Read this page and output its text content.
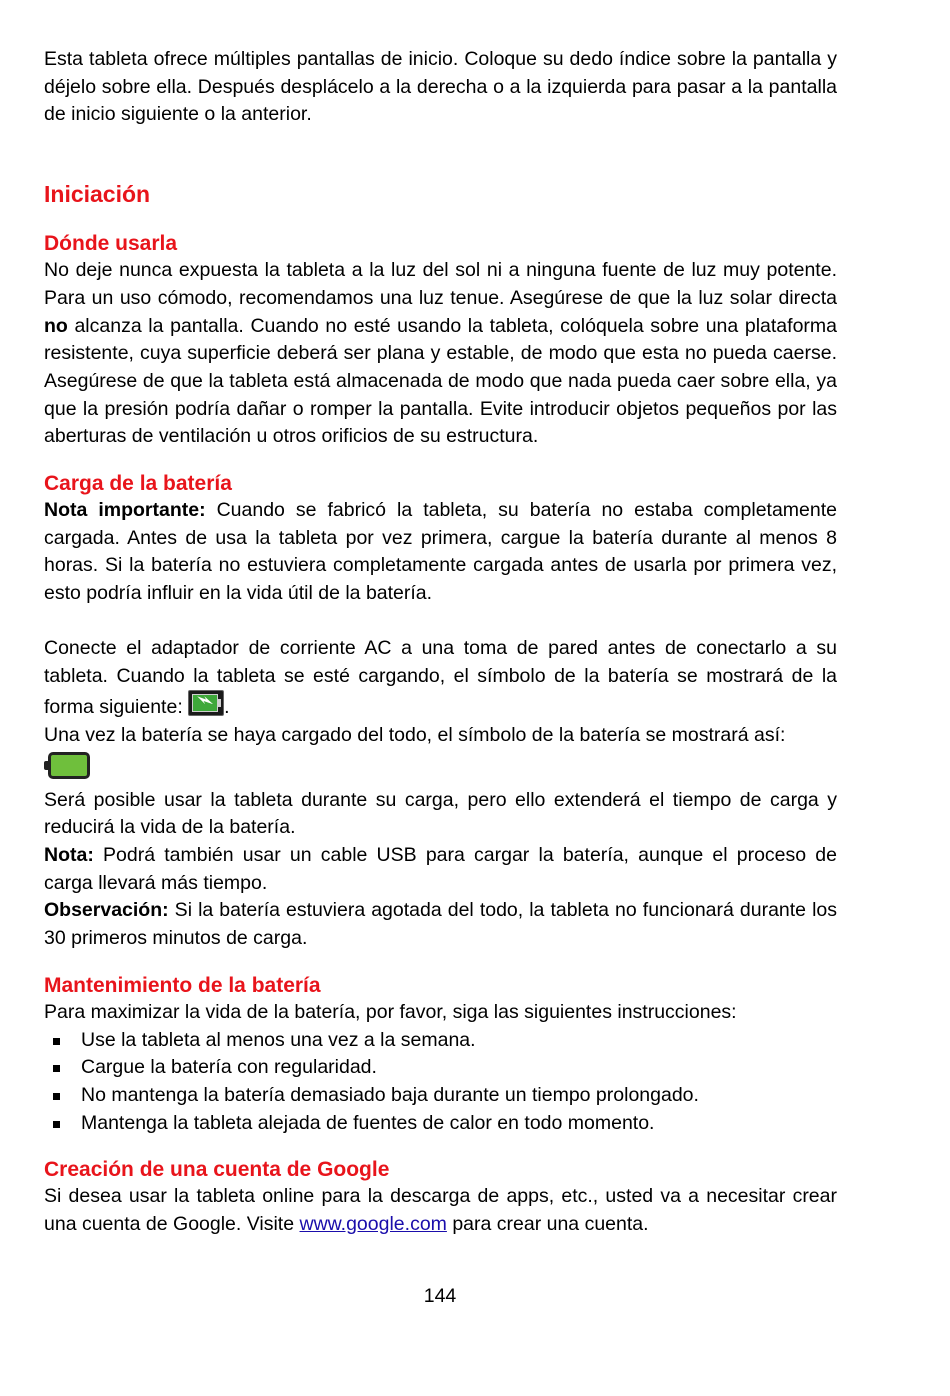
Esta tableta ofrece múltiples pantallas de inicio. Coloque su dedo índice sobre la pantalla y déjelo sobre ella. Después desplácelo a la derecha o a la izquierda para pasar a la pantalla de inicio siguiente o la anterior.

Iniciación
Dónde usarla

No deje nunca expuesta la tableta a la luz del sol ni a ninguna fuente de luz muy potente. Para un uso cómodo, recomendamos una luz tenue. Asegúrese de que la luz solar directa no alcanza la pantalla. Cuando no esté usando la tableta, colóquela sobre una plataforma resistente, cuya superficie deberá ser plana y estable, de modo que esta no pueda caerse. Asegúrese de que la tableta está almacenada de modo que nada pueda caer sobre ella, ya que la presión podría dañar o romper la pantalla. Evite introducir objetos pequeños por las aberturas de ventilación u otros orificios de su estructura.

Carga de la batería

Nota importante: Cuando se fabricó la tableta, su batería no estaba completamente cargada. Antes de usa la tableta por vez primera, cargue la batería durante al menos 8 horas. Si la batería no estuviera completamente cargada antes de usarla por primera vez, esto podría influir en la vida útil de la batería.

Conecte el adaptador de corriente AC a una toma de pared antes de conectarlo a su tableta. Cuando la tableta se esté cargando, el símbolo de la batería se mostrará de la forma siguiente:
.

Una vez la batería se haya cargado del todo, el símbolo de la batería se mostrará así:

Será posible usar la tableta durante su carga, pero ello extenderá el tiempo de carga y reducirá la vida de la batería.

Nota: Podrá también usar un cable USB para cargar la batería, aunque el proceso de carga llevará más tiempo.

Observación: Si la batería estuviera agotada del todo, la tableta no funcionará durante los 30 primeros minutos de carga.

Mantenimiento de la batería

Para maximizar la vida de la batería, por favor, siga las siguientes instrucciones:

Use la tableta al menos una vez a la semana.
Cargue la batería con regularidad.
No mantenga la batería demasiado baja durante un tiempo prolongado.
Mantenga la tableta alejada de fuentes de calor en todo momento.
Creación de una cuenta de Google

Si desea usar la tableta online para la descarga de apps, etc., usted va a necesitar crear una cuenta de Google. Visite www.google.com para crear una cuenta.

144
